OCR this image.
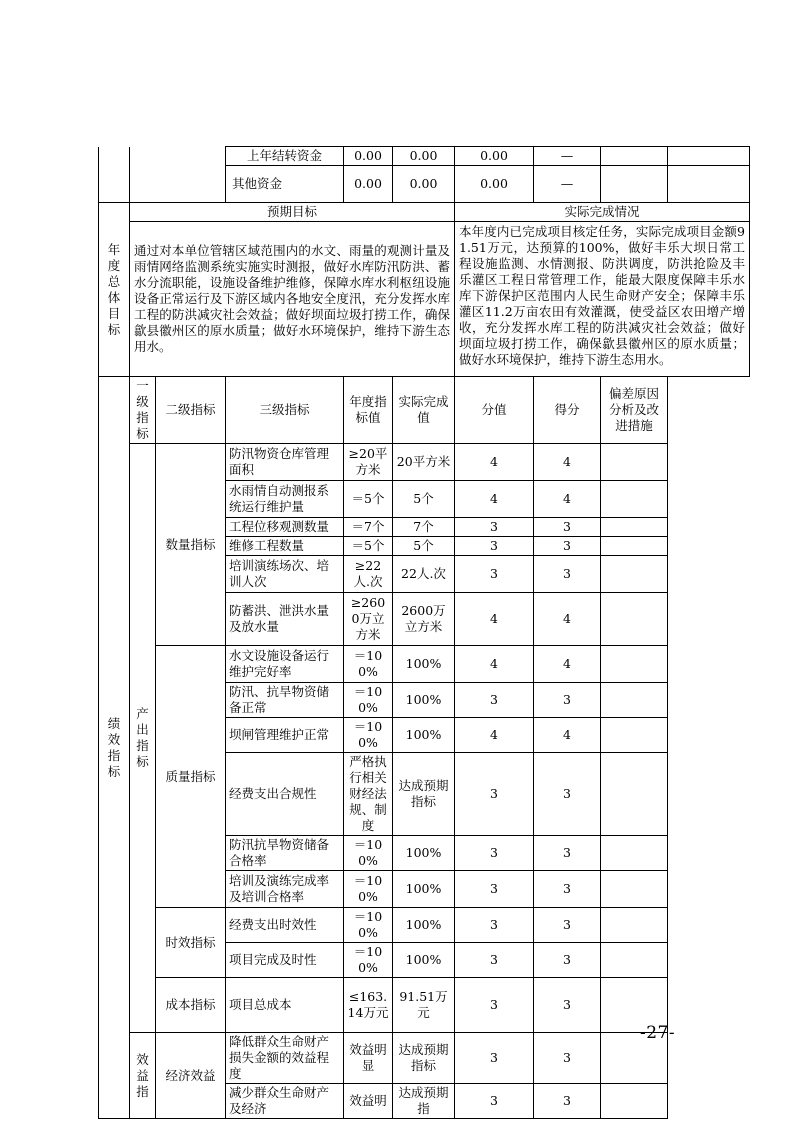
			上年结转资金	0.00	0.00	0.00	—		
			其他资金	0.00	0.00	0.00	—		
年度总体目标	预期目标					实际完成情况			
	通过对本单位管辖区域范围内的水文、雨量的观测计量及雨情网络监测系统实施实时测报，做好水库防汛防洪、蓄水分流职能，设施设备维护维修，保障水库水利枢纽设施设备正常运行及下游区域内各地安全度汛，充分发挥水库工程的防洪减灾社会效益；做好坝面垃圾打捞工作，确保歙县徽州区的原水质量；做好水环境保护，维持下游生态用水。					本年度内已完成项目核定任务，实际完成项目金额91.51万元，达预算的100%，做好丰乐大坝日常工程设施监测、水情测报、防洪调度，防洪抢险及丰乐灌区工程日常管理工作，能最大限度保障丰乐水库下游保护区范围内人民生命财产安全；保障丰乐灌区11.2万亩农田有效灌溉，使受益区农田增产增收，充分发挥水库工程的防洪减灾社会效益；做好坝面垃圾打捞工作，确保歙县徽州区的原水质量；做好水环境保护，维持下游生态用水。			
绩效指标	一级指标	二级指标	三级指标	年度指标值	实际完成值	分值	得分	偏差原因分析及改进措施	
	产出指标	数量指标	防汛物资仓库管理面积	≥20平方米	20平方米	4	4		
			水雨情自动测报系统运行维护量	＝5个	5个	4	4		
			工程位移观测数量	＝7个	7个	3	3		
			维修工程数量	＝5个	5个	3	3		
			培训演练场次、培训人次	≥22人.次	22人.次	3	3		
			防蓄洪、泄洪水量及放水量	≥2600万立方米	2600万立方米	4	4		
		质量指标	水文设施设备运行维护完好率	＝100%	100%	4	4		
			防汛、抗旱物资储备正常	＝100%	100%	3	3		
			坝闸管理维护正常	＝100%	100%	4	4		
			经费支出合规性	严格执行相关财经法规、制度	达成预期指标	3	3		
			防汛抗旱物资储备合格率	＝100%	100%	3	3		
			培训及演练完成率及培训合格率	＝100%	100%	3	3		
		时效指标	经费支出时效性	＝100%	100%	3	3		
			项目完成及时性	＝100%	100%	3	3		
		成本指标	项目总成本	≤163.14万元	91.51万元	3	3		
	效益指	经济效益	降低群众生命财产损失金额的效益程度	效益明显	达成预期指标	3	3		
			减少群众生命财产及经济	效益明	达成预期指	3	3		
-27-
